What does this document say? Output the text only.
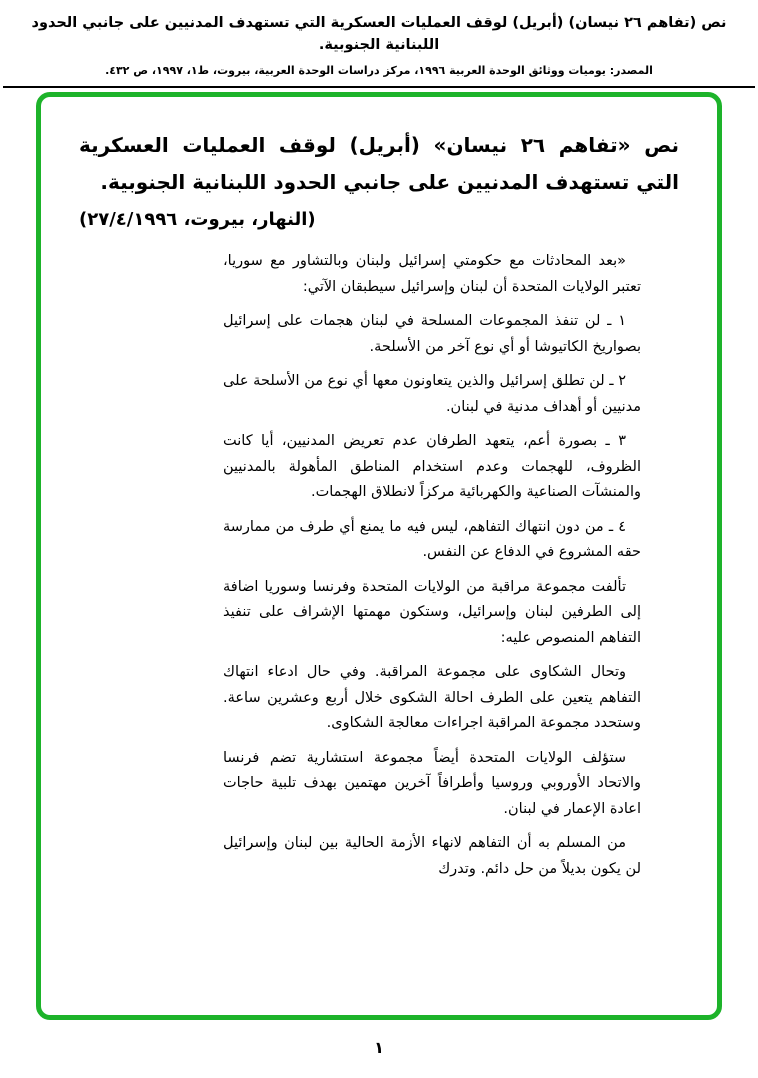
نص (تفاهم ٢٦ نيسان) (أبريل) لوقف العمليات العسكرية التي تستهدف المدنيين على جانبي الحدود اللبنانية الجنوبية.
المصدر: يوميات ووثائق الوحدة العربية ١٩٩٦، مركز دراسات الوحدة العربية، بيروت، ط١، ١٩٩٧، ص ٤٣٢.
نص «تفاهم ٢٦ نيسان» (أبريل) لوقف العمليات العسكرية التي تستهدف المدنيين على جانبي الحدود اللبنانية الجنوبية.
(النهار، بيروت، ٢٧/٤/١٩٩٦)

«بعد المحادثات مع حكومتي إسرائيل ولبنان وبالتشاور مع سوريا، تعتبر الولايات المتحدة أن لبنان وإسرائيل سيطبقان الآتي:

١ ـ لن تنفذ المجموعات المسلحة في لبنان هجمات على إسرائيل بصواريخ الكاتيوشا أو أي نوع آخر من الأسلحة.

٢ ـ لن تطلق إسرائيل والذين يتعاونون معها أي نوع من الأسلحة على مدنيين أو أهداف مدنية في لبنان.

٣ ـ بصورة أعم، يتعهد الطرفان عدم تعريض المدنيين، أيا كانت الظروف، للهجمات وعدم استخدام المناطق المأهولة بالمدنيين والمنشآت الصناعية والكهربائية مركزاً لانطلاق الهجمات.

٤ ـ من دون انتهاك التفاهم، ليس فيه ما يمنع أي طرف من ممارسة حقه المشروع في الدفاع عن النفس.

تألفت مجموعة مراقبة من الولايات المتحدة وفرنسا وسوريا اضافة إلى الطرفين لبنان وإسرائيل، وستكون مهمتها الإشراف على تنفيذ التفاهم المنصوص عليه:

وتحال الشكاوى على مجموعة المراقبة. وفي حال ادعاء انتهاك التفاهم يتعين على الطرف احالة الشكوى خلال أربع وعشرين ساعة. وستحدد مجموعة المراقبة اجراءات معالجة الشكاوى.

ستؤلف الولايات المتحدة أيضاً مجموعة استشارية تضم فرنسا والاتحاد الأوروبي وروسيا وأطرافاً آخرين مهتمين بهدف تلبية حاجات اعادة الإعمار في لبنان.

من المسلم به أن التفاهم لانهاء الأزمة الحالية بين لبنان وإسرائيل لن يكون بديلاً من حل دائم. وتدرك

١
